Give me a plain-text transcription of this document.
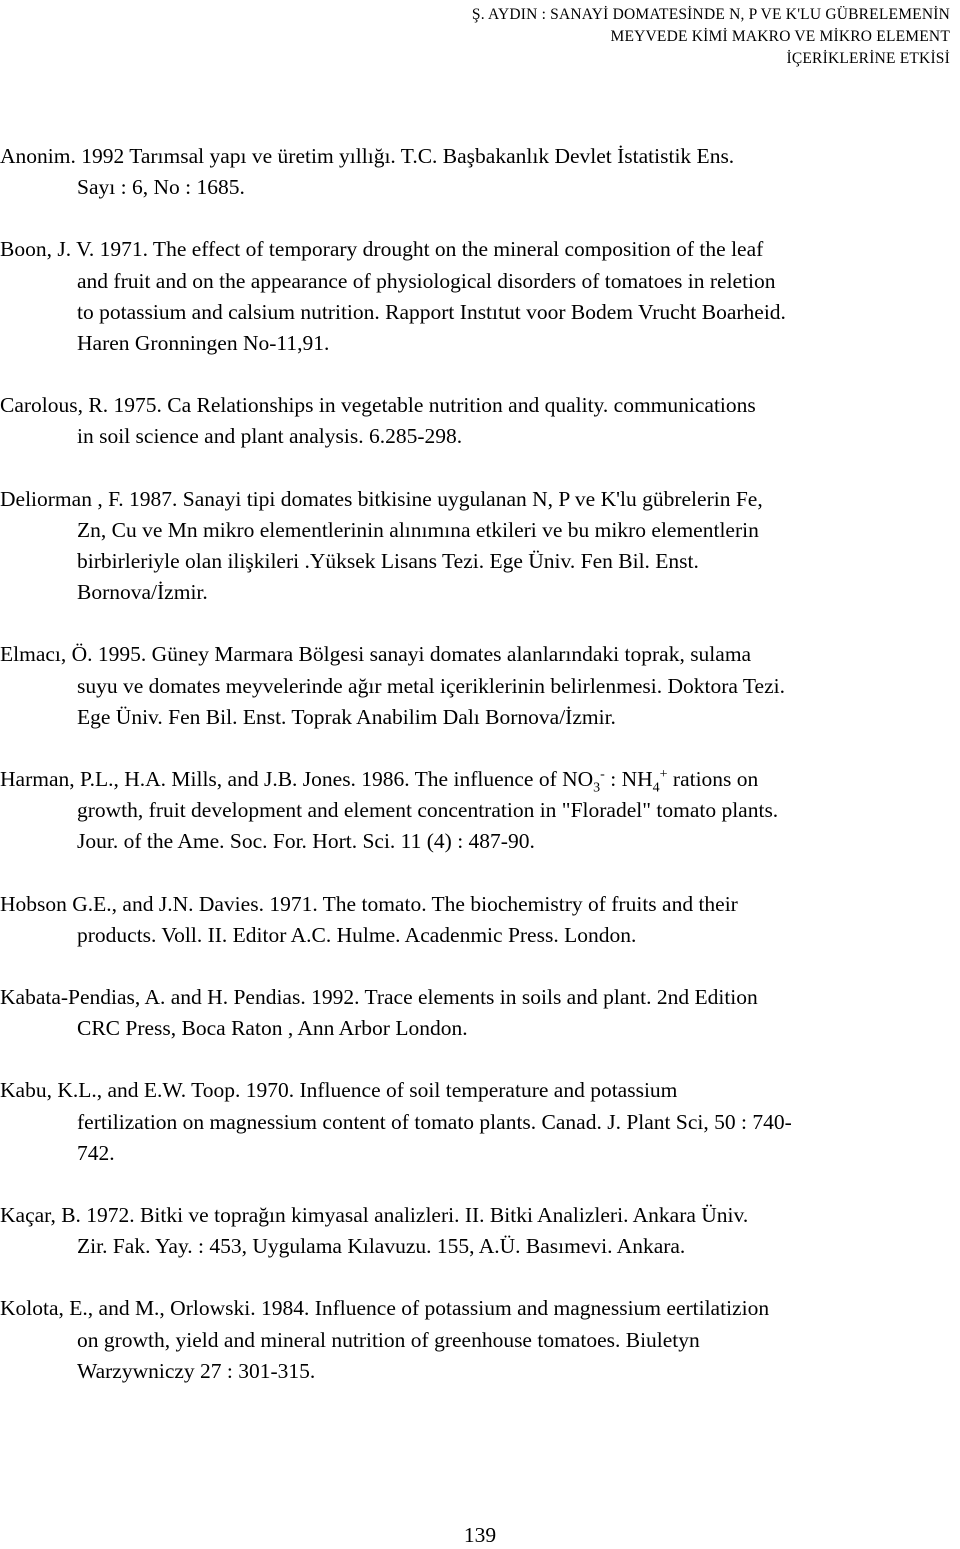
Ş. AYDIN : SANAYİ DOMATESİNDE N, P VE K'LU GÜBRELEMENİN
MEYVEDE KİMİ MAKRO VE MİKRO ELEMENT
İÇERİKLERİNE ETKİSİ
Anonim. 1992 Tarımsal yapı ve üretim yıllığı. T.C. Başbakanlık Devlet İstatistik Ens.
Sayı : 6, No : 1685.
Boon, J. V. 1971. The effect of temporary drought on the mineral composition of the leaf
and fruit and on the appearance of physiological disorders of tomatoes in reletion
to potassium and calsium nutrition. Rapport Instıtut voor Bodem Vrucht Boarheid.
Haren Gronningen No-11,91.
Carolous, R. 1975. Ca Relationships in vegetable nutrition and quality. communications
in soil science and plant analysis. 6.285-298.
Deliorman , F. 1987. Sanayi tipi domates bitkisine uygulanan N, P ve K'lu gübrelerin Fe,
Zn, Cu ve Mn mikro elementlerinin alınımına etkileri ve bu mikro elementlerin
birbirleriyle olan ilişkileri .Yüksek Lisans Tezi. Ege Üniv. Fen Bil. Enst.
Bornova/İzmir.
Elmacı, Ö. 1995. Güney Marmara Bölgesi sanayi domates alanlarındaki toprak, sulama
suyu ve domates meyvelerinde ağır metal içeriklerinin belirlenmesi. Doktora Tezi.
Ege Üniv. Fen Bil. Enst. Toprak Anabilim Dalı Bornova/İzmir.
Harman, P.L., H.A. Mills, and J.B. Jones. 1986. The influence of $NO_3^-$ : $NH_4^+$ rations on
growth, fruit development and element concentration in "Floradel" tomato plants.
Jour. of the Ame. Soc. For. Hort. Sci. 11 (4) : 487-90.
Hobson G.E., and J.N. Davies. 1971. The tomato. The biochemistry of fruits and their
products. Voll. II. Editor A.C. Hulme. Acadenmic Press. London.
Kabata-Pendias, A. and H. Pendias. 1992. Trace elements in soils and plant. 2nd Edition
CRC Press, Boca Raton , Ann Arbor London.
Kabu, K.L., and E.W. Toop. 1970. Influence of soil temperature and potassium
fertilization on magnessium content of tomato plants. Canad. J. Plant Sci, 50 : 740-
742.
Kaçar, B. 1972. Bitki ve toprağın kimyasal analizleri. II. Bitki Analizleri. Ankara Üniv.
Zir. Fak. Yay. : 453, Uygulama Kılavuzu. 155, A.Ü. Basımevi. Ankara.
Kolota, E., and M., Orlowski. 1984. Influence of potassium and magnessium eertilatizion
on growth, yield and mineral nutrition of greenhouse tomatoes. Biuletyn
Warzywniczy 27 : 301-315.
139
